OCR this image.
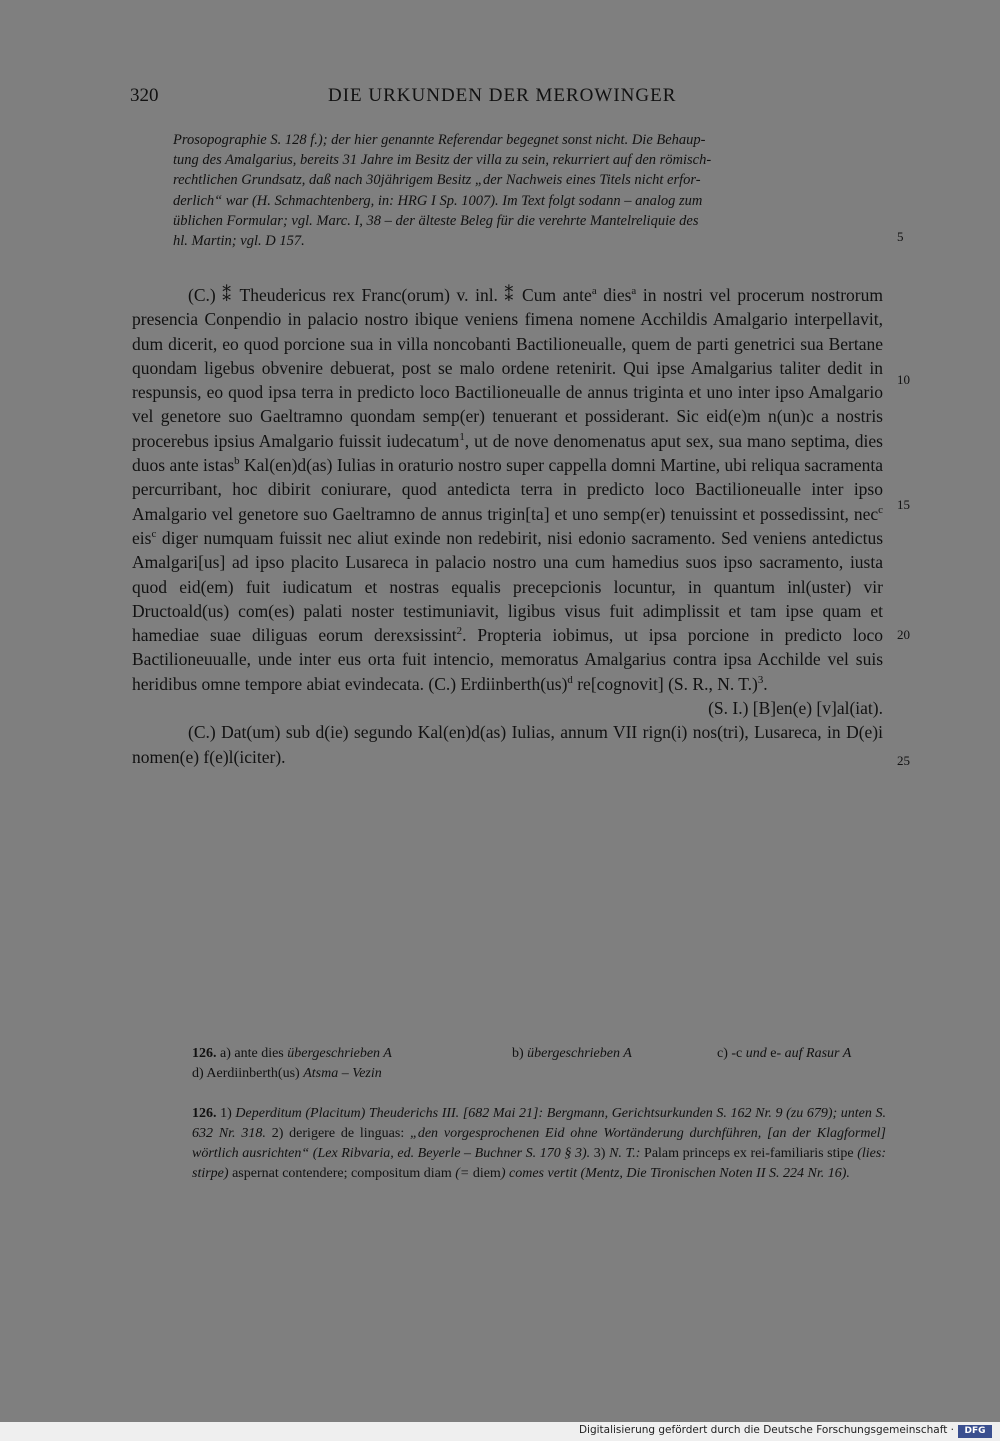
320	DIE URKUNDEN DER MEROWINGER
Prosopographie S. 128 f.); der hier genannte Referendar begegnet sonst nicht. Die Behaup-
tung des Amalgarius, bereits 31 Jahre im Besitz der villa zu sein, rekurriert auf den römisch-
rechtlichen Grundsatz, daß nach 30jährigem Besitz „der Nachweis eines Titels nicht erfor-
derlich“ war (H. Schmachtenberg, in: HRG I Sp. 1007). Im Text folgt sodann – analog zum
üblichen Formular; vgl. Marc. I, 38 – der älteste Beleg für die verehrte Mantelreliquie des
hl. Martin; vgl. D 157.	5
10
15
20
25

(C.) ⁑ Theudericus rex Franc(orum) v. inl. ⁑ Cum ante$^a$ dies$^a$ in nostri vel procerum nostrorum presencia Conpendio in palacio nostro ibique veniens fimena nomene Acchildis Amalgario interpellavit, dum dicerit, eo quod porcione sua in villa noncobanti Bactilioneualle, quem de parti genetrici sua Bertane quondam ligebus obvenire debuerat, post se malo ordene retenirit. Qui ipse Amalgarius taliter dedit in respunsis, eo quod ipsa terra in predicto loco Bactilioneualle de annus triginta et uno inter ipso Amalgario vel genetore suo Gaeltramno quondam semp(er) tenuerant et possiderant. Sic eid(e)m n(un)c a nostris procerebus ipsius Amalgario fuissit iudecatum$^1$, ut de nove denomenatus aput sex, sua mano septima, dies duos ante istas$^b$ Kal(en)d(as) Iulias in oraturio nostro super cappella domni Martine, ubi reliqua sacramenta percurribant, hoc dibirit coniurare, quod antedicta terra in predicto loco Bactilioneualle inter ipso Amalgario vel genetore suo Gaeltramno de annus trigin[ta] et uno semp(er) tenuissint et possedissint, nec$^c$ eis$^c$ diger numquam fuissit nec aliut exinde non redebirit, nisi edonio sacramento. Sed veniens antedictus Amalgari[us] ad ipso placito Lusareca in palacio nostro una cum hamedius suos ipso sacramento, iusta quod eid(em) fuit iudicatum et nostras equalis precepcionis locuntur, in quantum inl(uster) vir Dructoald(us) com(es) palati noster testimuniavit, ligibus visus fuit adimplissit et tam ipse quam et hamediae suae diliguas eorum derexsissint$^2$. Propteria iobimus, ut ipsa porcione in predicto loco Bactilioneuualle, unde inter eus orta fuit intencio, memoratus Amalgarius contra ipsa Acchilde vel suis heridibus omne tempore abiat evindecata. (C.) Erdiinberth(us)$^d$ re[cognovit] (S. R., N. T.)$^3$.

(S. I.) [B]en(e) [v]al(iat).

(C.) Dat(um) sub d(ie) segundo Kal(en)d(as) Iulias, annum VII rign(i) nos(tri), Lusareca, in D(e)i nomen(e) f(e)l(iciter).

126. a) ante dies übergeschrieben A	b) übergeschrieben A	c) -c und e- auf Rasur A
d) Aerdiinberth(us) Atsma – Vezin
126. 1) Deperditum (Placitum) Theuderichs III. [682 Mai 21]: Bergmann, Gerichtsurkunden S. 162 Nr. 9 (zu 679); unten S. 632 Nr. 318. 2) derigere de linguas: „den vorgesprochenen Eid ohne Wortänderung durchführen, [an der Klagformel] wörtlich ausrichten“ (Lex Ribvaria, ed. Beyerle – Buchner S. 170 § 3). 3) N. T.: Palam princeps ex rei-familiaris stipe (lies: stirpe) aspernat contendere; compositum diam (= diem) comes vertit (Mentz, Die Tironischen Noten II S. 224 Nr. 16).
Digitalisierung gefördert durch die Deutsche Forschungsgemeinschaft ·	DFG
